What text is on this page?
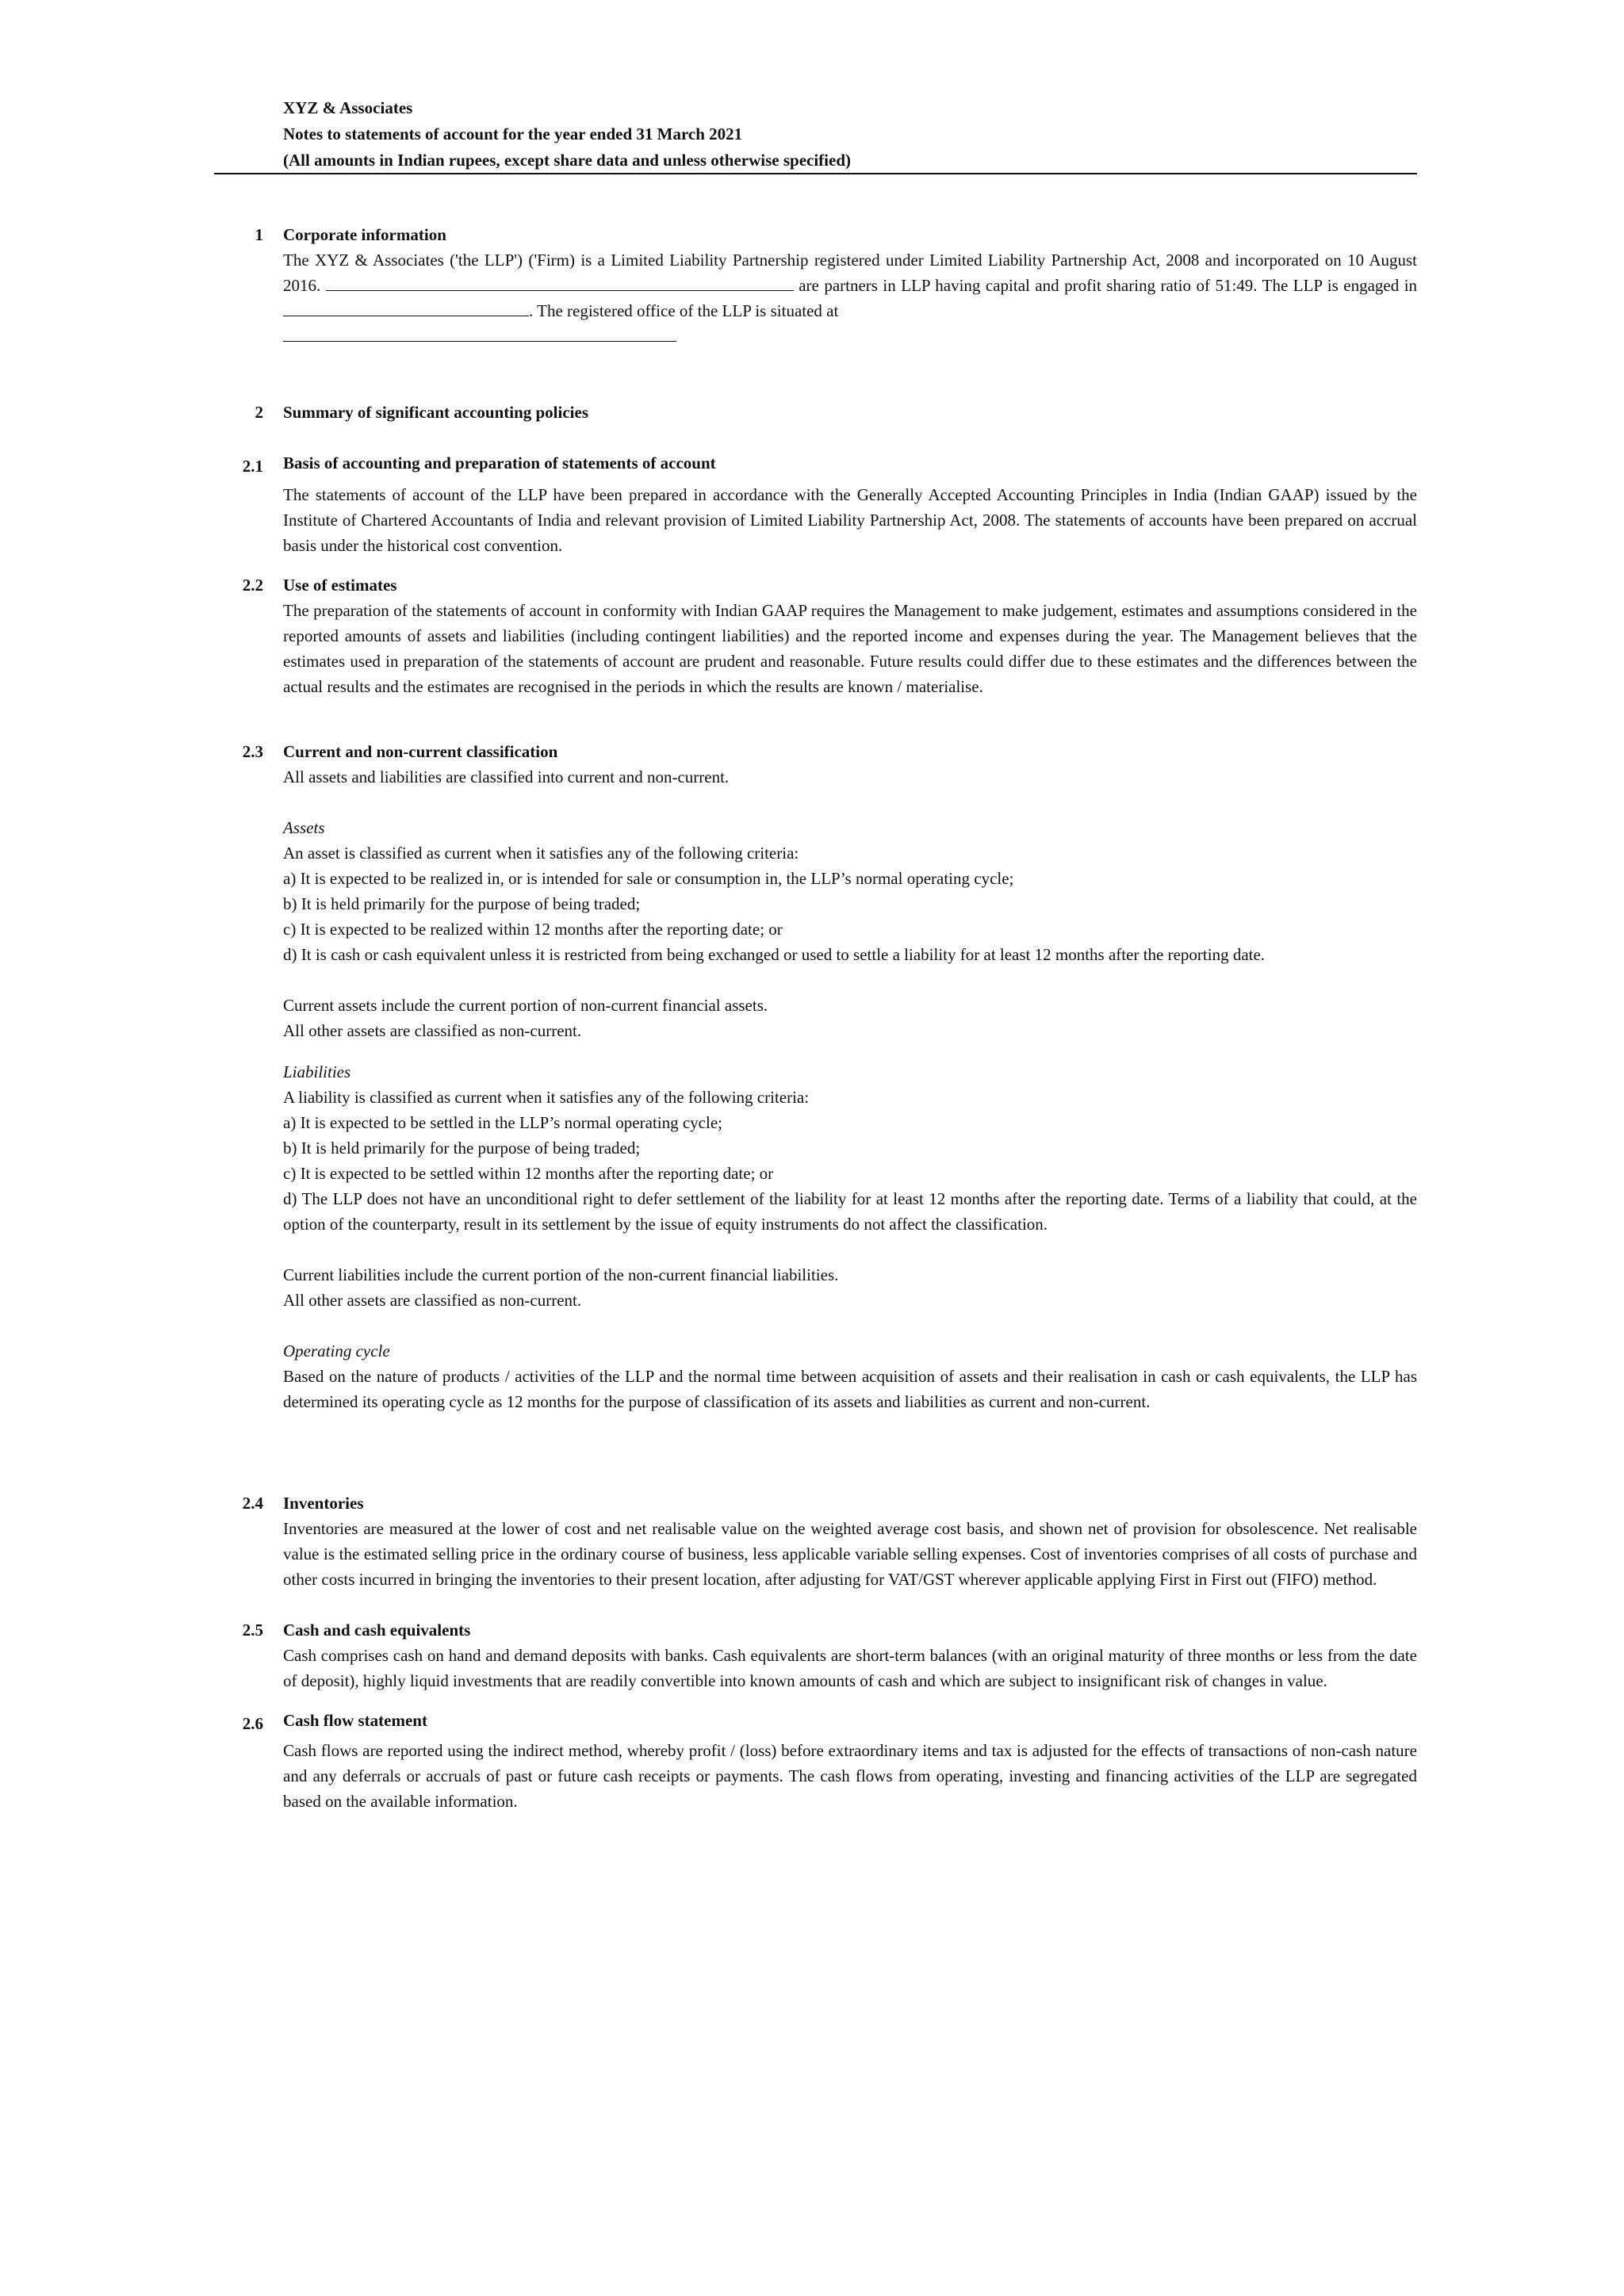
XYZ & Associates
Notes to statements of account for the year ended 31 March 2021
(All amounts in Indian rupees, except share data and unless otherwise specified)
1 Corporate information

The XYZ & Associates ('the LLP') ('Firm) is a Limited Liability Partnership registered under Limited Liability Partnership Act, 2008 and incorporated on 10 August 2016.	are partners in LLP having capital and profit sharing ratio of 51:49. The LLP is engaged in . The registered office of the LLP is situated at

2 Summary of significant accounting policies
2.1 Basis of accounting and preparation of statements of account

The statements of account of the LLP have been prepared in accordance with the Generally Accepted Accounting Principles in India (Indian GAAP) issued by the Institute of Chartered Accountants of India and relevant provision of Limited Liability Partnership Act, 2008. The statements of accounts have been prepared on accrual basis under the historical cost convention.

2.2 Use of estimates

The preparation of the statements of account in conformity with Indian GAAP requires the Management to make judgement, estimates and assumptions considered in the reported amounts of assets and liabilities (including contingent liabilities) and the reported income and expenses during the year. The Management believes that the estimates used in preparation of the statements of account are prudent and reasonable. Future results could differ due to these estimates and the differences between the actual results and the estimates are recognised in the periods in which the results are known / materialise.

2.3 Current and non-current classification
All assets and liabilities are classified into current and non-current.
Assets
An asset is classified as current when it satisfies any of the following criteria:
a) It is expected to be realized in, or is intended for sale or consumption in, the LLP’s normal operating cycle;
b) It is held primarily for the purpose of being traded;
c) It is expected to be realized within 12 months after the reporting date; or

d) It is cash or cash equivalent unless it is restricted from being exchanged or used to settle a liability for at least 12 months after the reporting date.

Current assets include the current portion of non-current financial assets.
All other assets are classified as non-current.
Liabilities
A liability is classified as current when it satisfies any of the following criteria:
a) It is expected to be settled in the LLP’s normal operating cycle;
b) It is held primarily for the purpose of being traded;
c) It is expected to be settled within 12 months after the reporting date; or

d) The LLP does not have an unconditional right to defer settlement of the liability for at least 12 months after the reporting date. Terms of a liability that could, at the option of the counterparty, result in its settlement by the issue of equity instruments do not affect the classification.

Current liabilities include the current portion of the non-current financial liabilities.
All other assets are classified as non-current.
Operating cycle

Based on the nature of products / activities of the LLP and the normal time between acquisition of assets and their realisation in cash or cash equivalents, the LLP has determined its operating cycle as 12 months for the purpose of classification of its assets and liabilities as current and non-current.

2.4 Inventories

Inventories are measured at the lower of cost and net realisable value on the weighted average cost basis, and shown net of provision for obsolescence. Net realisable value is the estimated selling price in the ordinary course of business, less applicable variable selling expenses. Cost of inventories comprises of all costs of purchase and other costs incurred in bringing the inventories to their present location, after adjusting for VAT/GST wherever applicable applying First in First out (FIFO) method.

2.5 Cash and cash equivalents

Cash comprises cash on hand and demand deposits with banks. Cash equivalents are short-term balances (with an original maturity of three months or less from the date of deposit), highly liquid investments that are readily convertible into known amounts of cash and which are subject to insignificant risk of changes in value.

2.6 Cash flow statement

Cash flows are reported using the indirect method, whereby profit / (loss) before extraordinary items and tax is adjusted for the effects of transactions of non-cash nature and any deferrals or accruals of past or future cash receipts or payments. The cash flows from operating, investing and financing activities of the LLP are segregated based on the available information.
